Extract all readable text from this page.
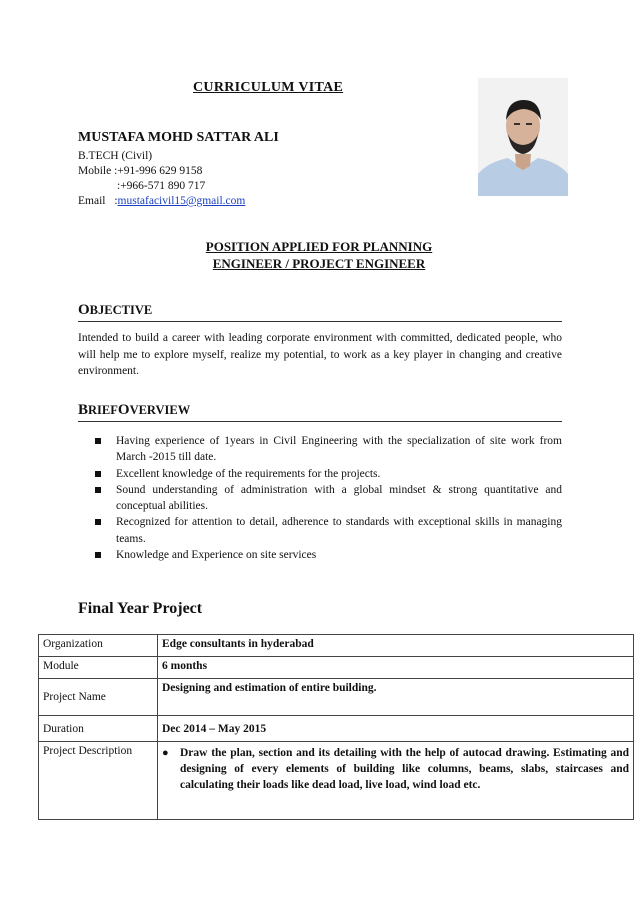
CURRICULUM VITAE
MUSTAFA MOHD SATTAR ALI
B.TECH (Civil)
Mobile :+91-996 629 9158
:+966-571 890 717
Email :mustafacivil15@gmail.com
POSITION APPLIED FOR PLANNING
ENGINEER / PROJECT ENGINEER
OBJECTIVE
Intended to build a career with leading corporate environment with committed, dedicated people, who will help me to explore myself, realize my potential, to work as a key player in changing and creative environment.
BRIEFOVERVIEW
Having experience of 1years in Civil Engineering with the specialization of site work from March -2015 till date.
Excellent knowledge of the requirements for the projects.
Sound understanding of administration with a global mindset & strong quantitative and conceptual abilities.
Recognized for attention to detail, adherence to standards with exceptional skills in managing teams.
Knowledge and Experience on site services
Final Year Project
Organization	Edge consultants in hyderabad
Module	6 months
Project Name	Designing and estimation of entire building.
Duration	Dec 2014 – May 2015
Project Description	● Draw the plan, section and its detailing with the help of autocad drawing. Estimating and designing of every elements of building like columns, beams, slabs, staircases and calculating their loads like dead load, live load, wind load etc.
